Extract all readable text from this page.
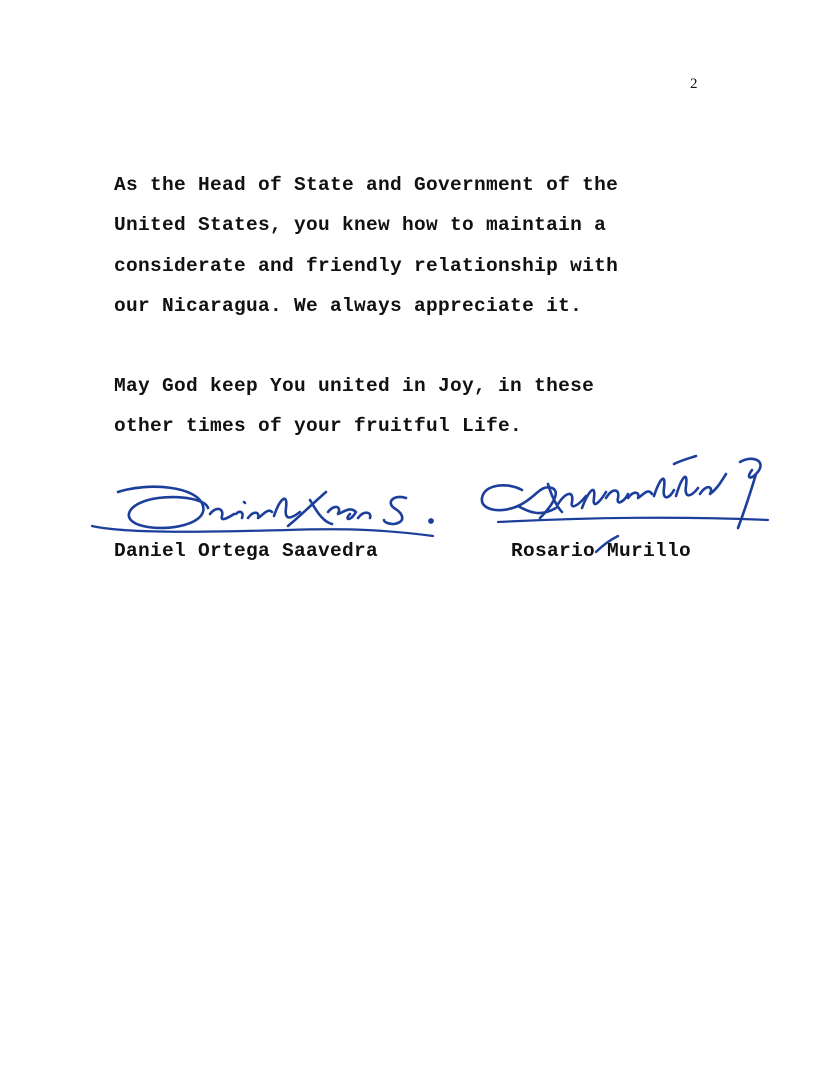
2
As the Head of State and Government of the
United States, you knew how to maintain a
considerate and friendly relationship with
our Nicaragua. We always appreciate it.
May God keep You united in Joy, in these
other times of your fruitful Life.
Daniel Ortega Saavedra	Rosario Murillo
